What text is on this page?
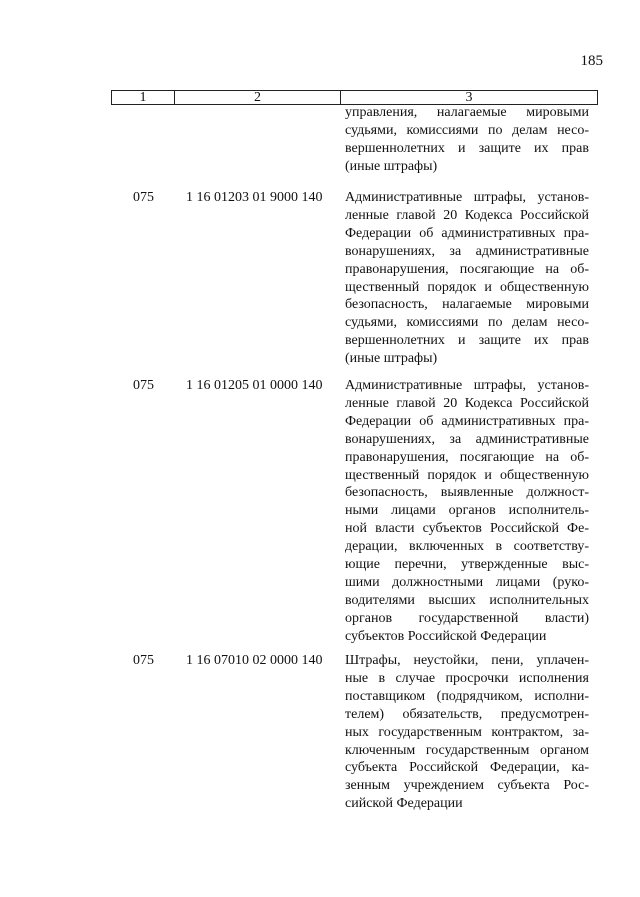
185
1	2	3
управления, налагаемые мировыми
судьями, комиссиями по делам несо-
вершеннолетних и защите их прав
(иные штрафы)
075 1 16 01203 01 9000 140 Административные штрафы, установ-
ленные главой 20 Кодекса Российской
Федерации об административных пра-
вонарушениях, за административные
правонарушения, посягающие на об-
щественный порядок и общественную
безопасность, налагаемые мировыми
судьями, комиссиями по делам несо-
вершеннолетних и защите их прав
(иные штрафы)
075 1 16 01205 01 0000 140 Административные штрафы, установ-
ленные главой 20 Кодекса Российской
Федерации об административных пра-
вонарушениях, за административные
правонарушения, посягающие на об-
щественный порядок и общественную
безопасность, выявленные должност-
ными лицами органов исполнитель-
ной власти субъектов Российской Фе-
дерации, включенных в соответству-
ющие перечни, утвержденные выс-
шими должностными лицами (руко-
водителями высших исполнительных
органов государственной власти)
субъектов Российской Федерации
075 1 16 07010 02 0000 140 Штрафы, неустойки, пени, уплачен-
ные в случае просрочки исполнения
поставщиком (подрядчиком, исполни-
телем) обязательств, предусмотрен-
ных государственным контрактом, за-
ключенным государственным органом
субъекта Российской Федерации, ка-
зенным учреждением субъекта Рос-
сийской Федерации
